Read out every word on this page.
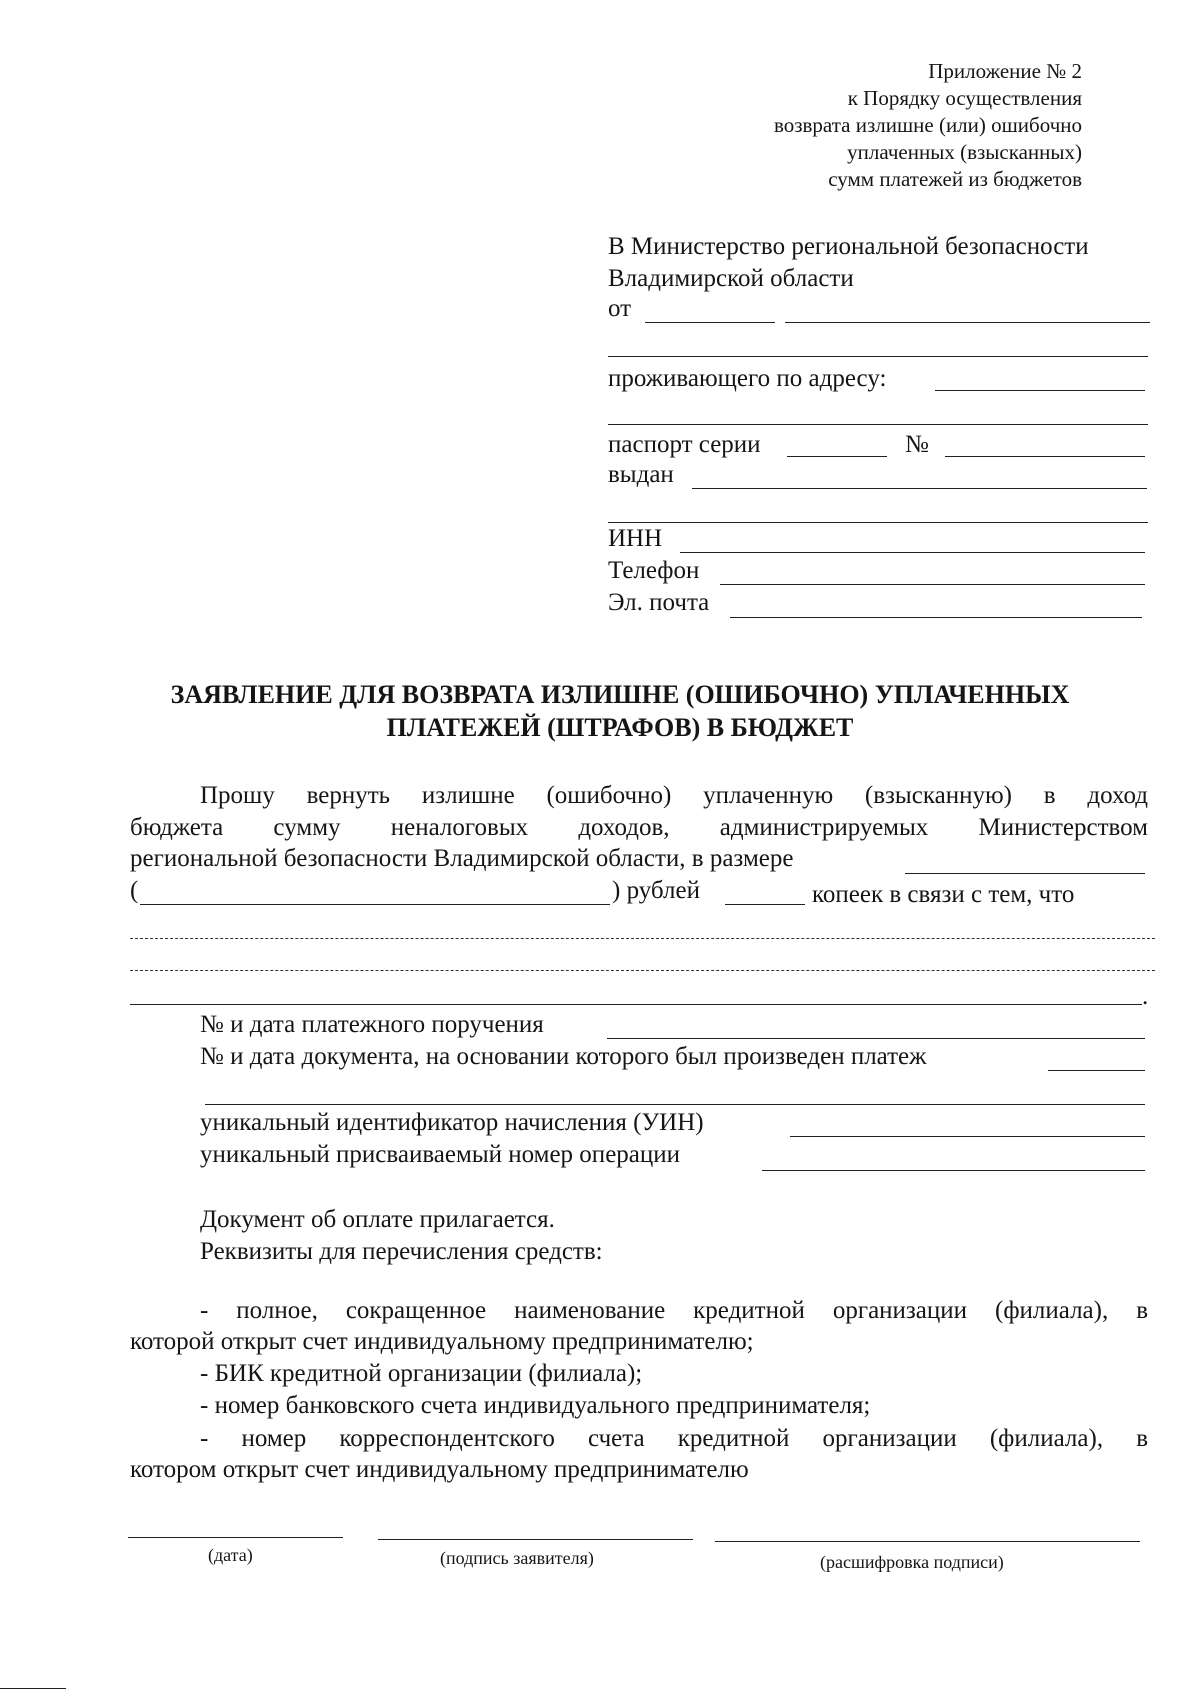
Приложение № 2
к Порядку осуществления
возврата излишне (или) ошибочно
уплаченных (взысканных)
сумм платежей из бюджетов
В Министерство региональной безопасности
Владимирской области
от
проживающего по адресу:
паспорт серии	№
выдан
ИНН
Телефон
Эл. почта
ЗАЯВЛЕНИЕ ДЛЯ ВОЗВРАТА ИЗЛИШНЕ (ОШИБОЧНО) УПЛАЧЕННЫХ
ПЛАТЕЖЕЙ (ШТРАФОВ) В БЮДЖЕТ
Прошу вернуть излишне (ошибочно) уплаченную (взысканную) в доход
бюджета сумму неналоговых доходов, администрируемых Министерством
региональной безопасности Владимирской области, в размере
(	) рублей	копеек в связи с тем, что
.
№ и дата платежного поручения
№ и дата документа, на основании которого был произведен платеж
уникальный идентификатор начисления (УИН)
уникальный присваиваемый номер операции
Документ об оплате прилагается.
Реквизиты для перечисления средств:
- полное, сокращенное наименование кредитной организации (филиала), в
которой открыт счет индивидуальному предпринимателю;
- БИК кредитной организации (филиала);
- номер банковского счета индивидуального предпринимателя;
- номер корреспондентского счета кредитной организации (филиала), в
котором открыт счет индивидуальному предпринимателю
(дата)	(подпись заявителя)	(расшифровка подписи)
